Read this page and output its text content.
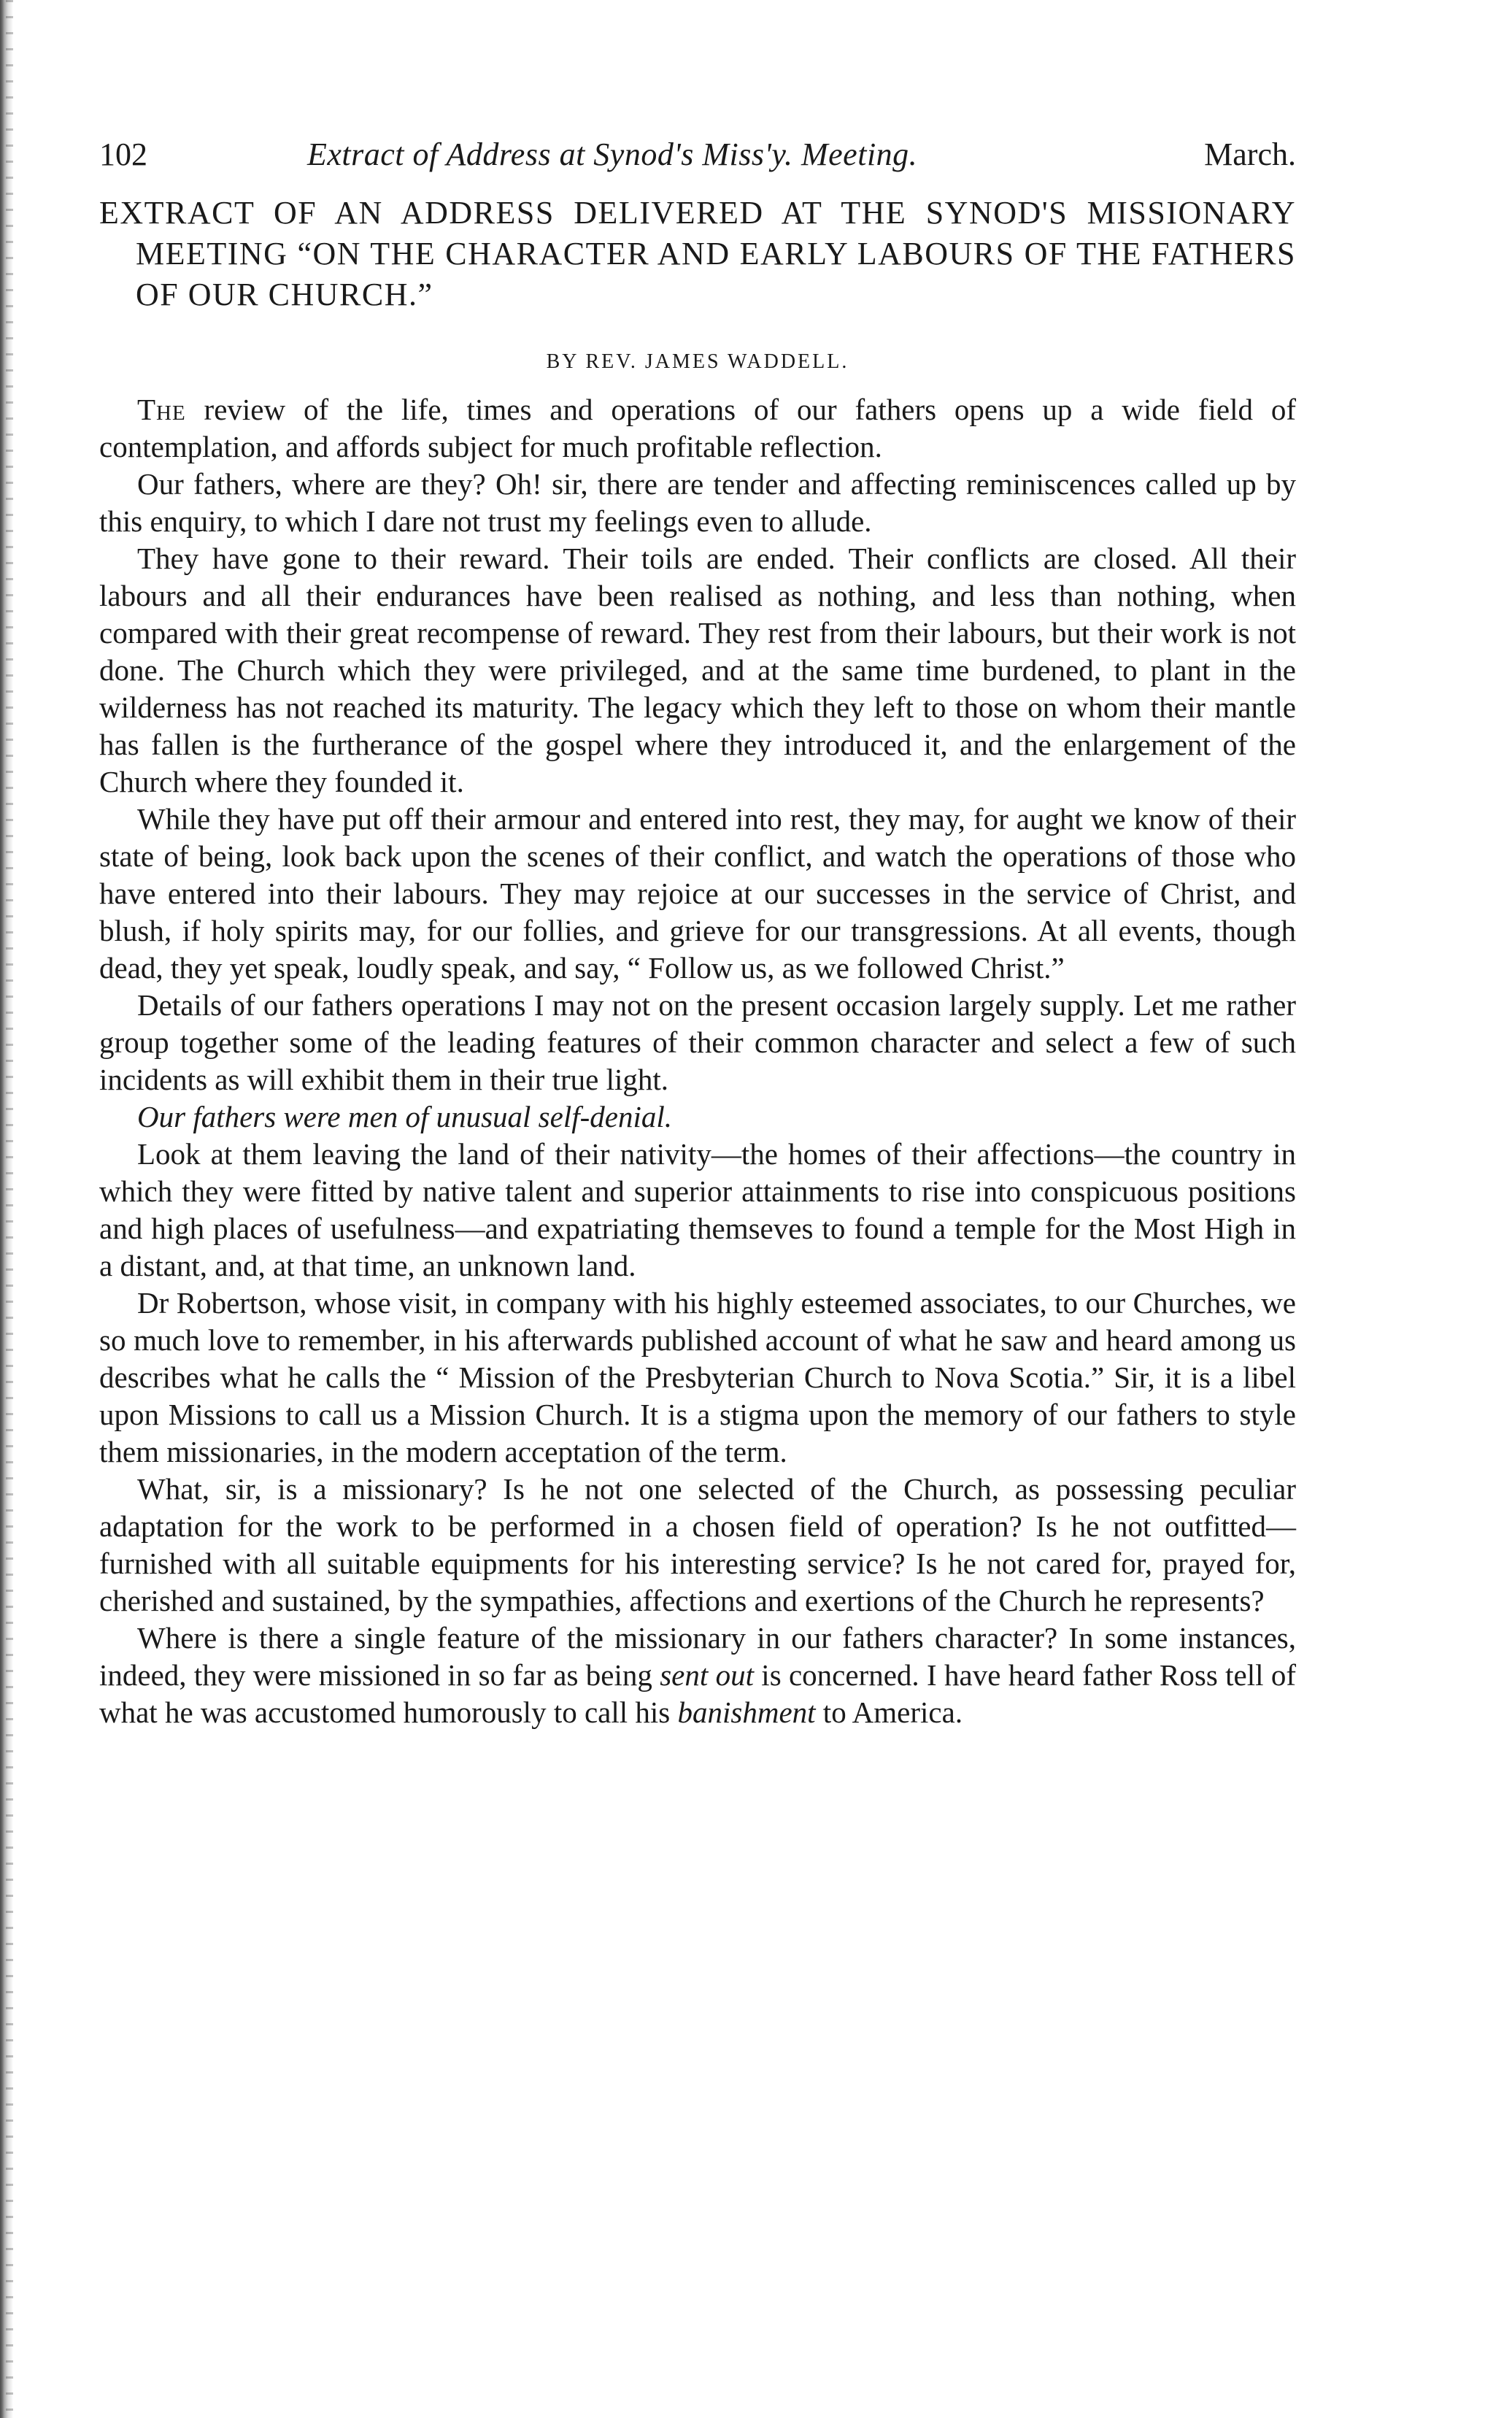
102	Extract of Address at Synod's Miss'y. Meeting.	March.
EXTRACT OF AN ADDRESS DELIVERED AT THE SYNOD'S MISSIONARY MEETING “ON THE CHARACTER AND EARLY LABOURS OF THE FATHERS OF OUR CHURCH.”
BY REV. JAMES WADDELL.

The review of the life, times and operations of our fathers opens up a wide field of contemplation, and affords subject for much profitable reflection.

Our fathers, where are they? Oh! sir, there are tender and affecting reminiscences called up by this enquiry, to which I dare not trust my feelings even to allude.

They have gone to their reward. Their toils are ended. Their conflicts are closed. All their labours and all their endurances have been realised as nothing, and less than nothing, when compared with their great recompense of reward. They rest from their labours, but their work is not done. The Church which they were privileged, and at the same time burdened, to plant in the wilderness has not reached its maturity. The legacy which they left to those on whom their mantle has fallen is the furtherance of the gospel where they introduced it, and the enlargement of the Church where they founded it.

While they have put off their armour and entered into rest, they may, for aught we know of their state of being, look back upon the scenes of their conflict, and watch the operations of those who have entered into their labours. They may rejoice at our successes in the service of Christ, and blush, if holy spirits may, for our follies, and grieve for our transgressions. At all events, though dead, they yet speak, loudly speak, and say, “ Follow us, as we followed Christ.”

Details of our fathers operations I may not on the present occasion largely supply. Let me rather group together some of the leading features of their common character and select a few of such incidents as will exhibit them in their true light.

Our fathers were men of unusual self-denial.

Look at them leaving the land of their nativity—the homes of their affections—the country in which they were fitted by native talent and superior attainments to rise into conspicuous positions and high places of usefulness—and expatriating themseves to found a temple for the Most High in a distant, and, at that time, an unknown land.

Dr Robertson, whose visit, in company with his highly esteemed associates, to our Churches, we so much love to remember, in his afterwards published account of what he saw and heard among us describes what he calls the “ Mission of the Presbyterian Church to Nova Scotia.” Sir, it is a libel upon Missions to call us a Mission Church. It is a stigma upon the memory of our fathers to style them missionaries, in the modern acceptation of the term.

What, sir, is a missionary? Is he not one selected of the Church, as possessing peculiar adaptation for the work to be performed in a chosen field of operation? Is he not outfitted—furnished with all suitable equipments for his interesting service? Is he not cared for, prayed for, cherished and sustained, by the sympathies, affections and exertions of the Church he represents?

Where is there a single feature of the missionary in our fathers character? In some instances, indeed, they were missioned in so far as being sent out is concerned. I have heard father Ross tell of what he was accustomed humorously to call his banishment to America.
